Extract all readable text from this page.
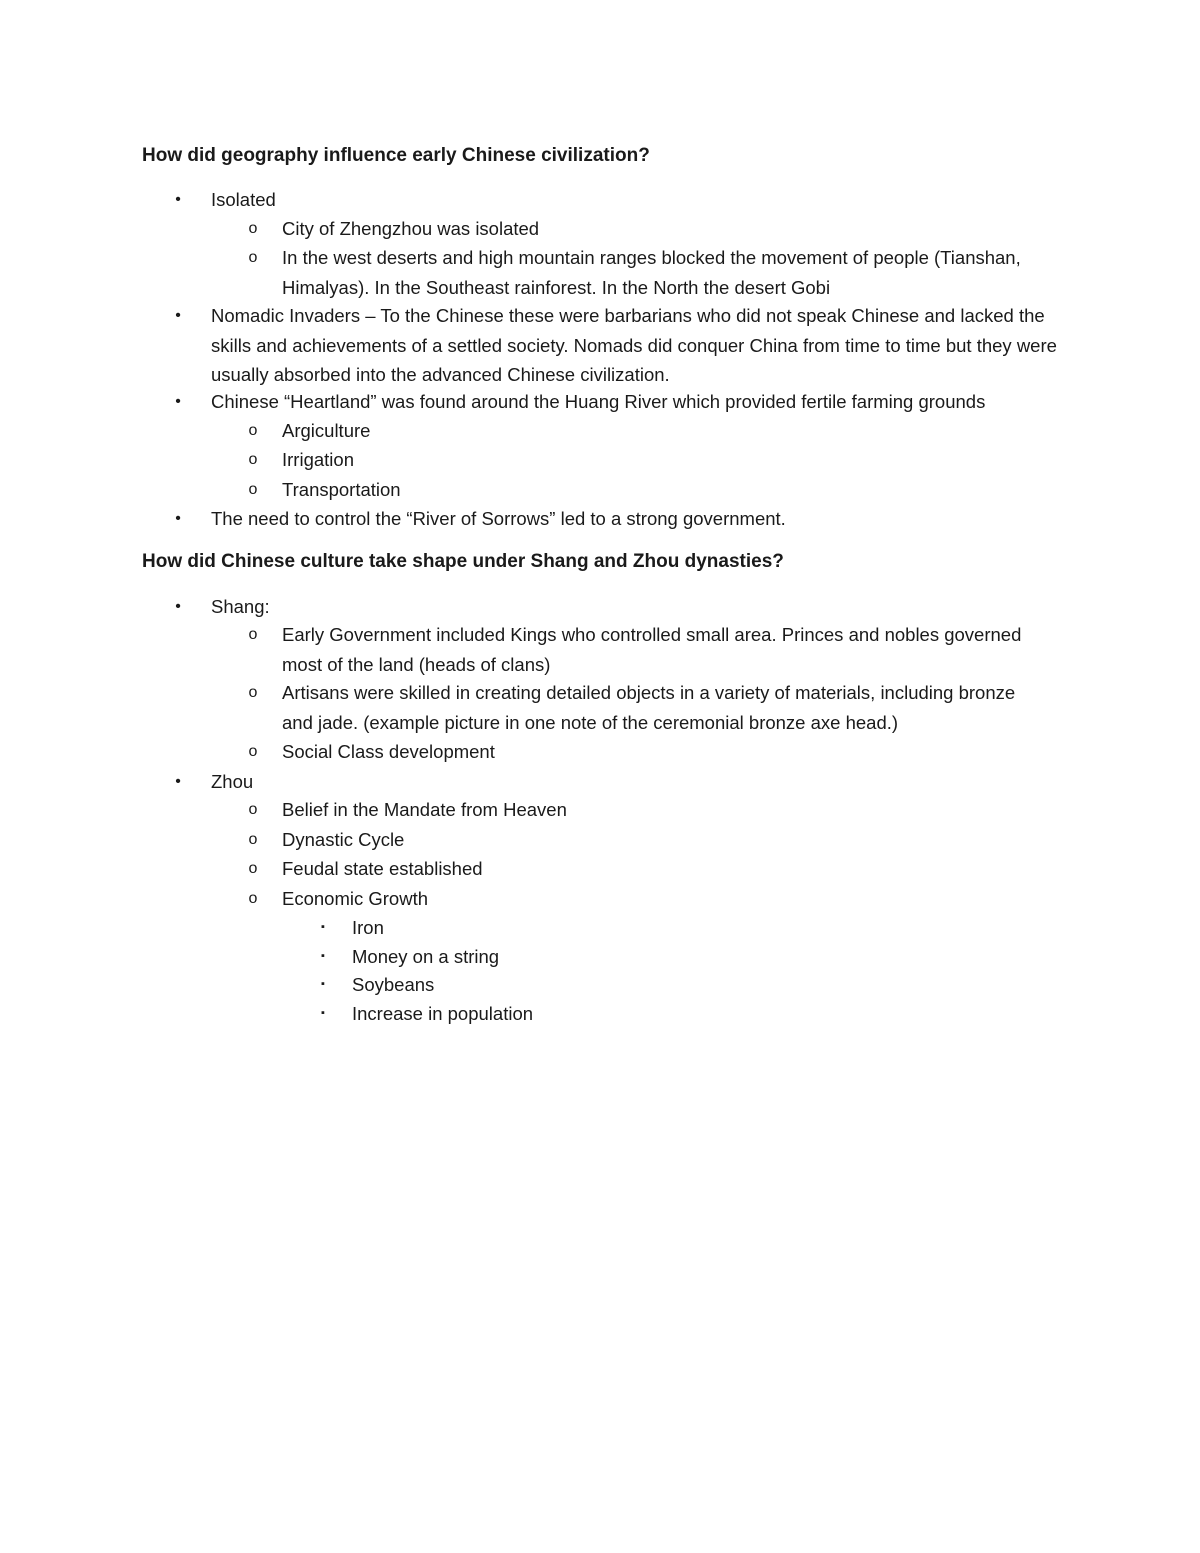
How did geography influence early Chinese civilization?
• Isolated
o City of Zhengzhou was isolated
o In the west deserts and high mountain ranges blocked the movement of people (Tianshan, Himalyas). In the Southeast rainforest. In the North the desert Gobi
• Nomadic Invaders – To the Chinese these were barbarians who did not speak Chinese and lacked the skills and achievements of a settled society. Nomads did conquer China from time to time but they were usually absorbed into the advanced Chinese civilization.
• Chinese “Heartland” was found around the Huang River which provided fertile farming grounds
o Argiculture
o Irrigation
o Transportation
• The need to control the “River of Sorrows” led to a strong government.
How did Chinese culture take shape under Shang and Zhou dynasties?
• Shang:
o Early Government included Kings who controlled small area. Princes and nobles governed most of the land (heads of clans)
o Artisans were skilled in creating detailed objects in a variety of materials, including bronze and jade. (example picture in one note of the ceremonial bronze axe head.)
o Social Class development
• Zhou
o Belief in the Mandate from Heaven
o Dynastic Cycle
o Feudal state established
o Economic Growth
▪ Iron
▪ Money on a string
▪ Soybeans
▪ Increase in population
